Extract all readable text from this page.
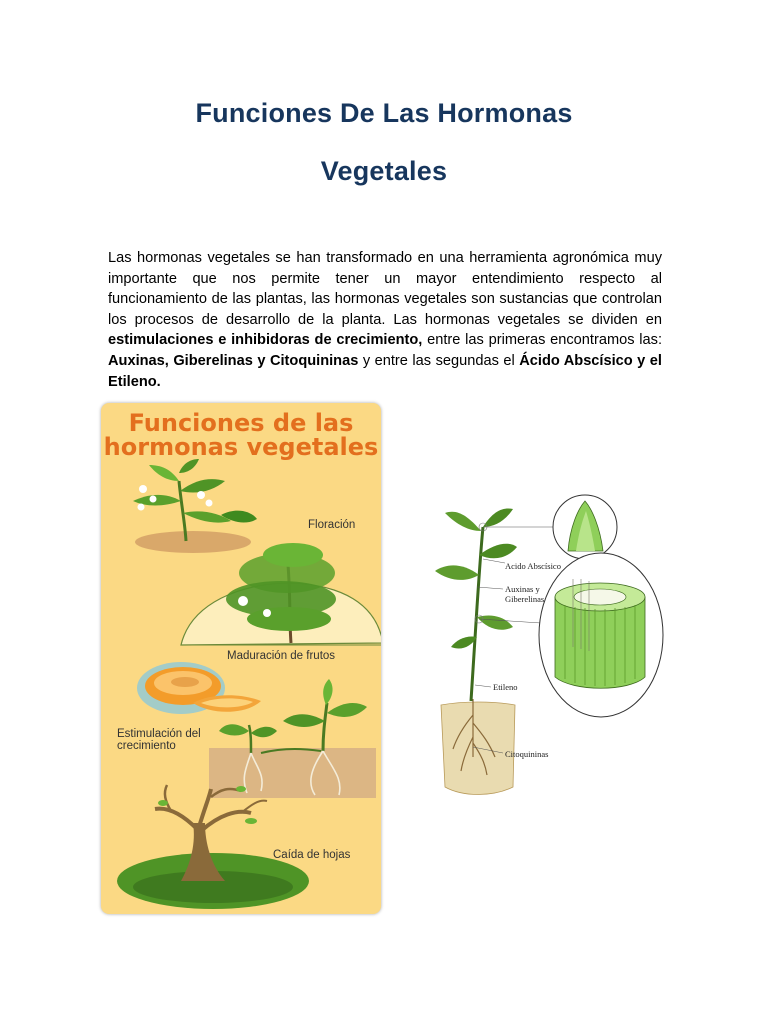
Funciones De Las Hormonas
Vegetales
Las hormonas vegetales se han transformado en una herramienta agronómica muy importante que nos permite tener un mayor entendimiento respecto al funcionamiento de las plantas, las hormonas vegetales son sustancias que controlan los procesos de desarrollo de la planta. Las hormonas vegetales se dividen en estimulaciones e inhibidoras de crecimiento, entre las primeras encontramos las: Auxinas, Giberelinas y Citoquininas y entre las segundas el Ácido Abscísico y el Etileno.
Funciones de las
hormonas vegetales
Floración
Maduración de frutos
Estimulación del
crecimiento
Caída de hojas
Acido Abscísico
Auxinas y
Giberelinas
Etileno
Citoquininas
